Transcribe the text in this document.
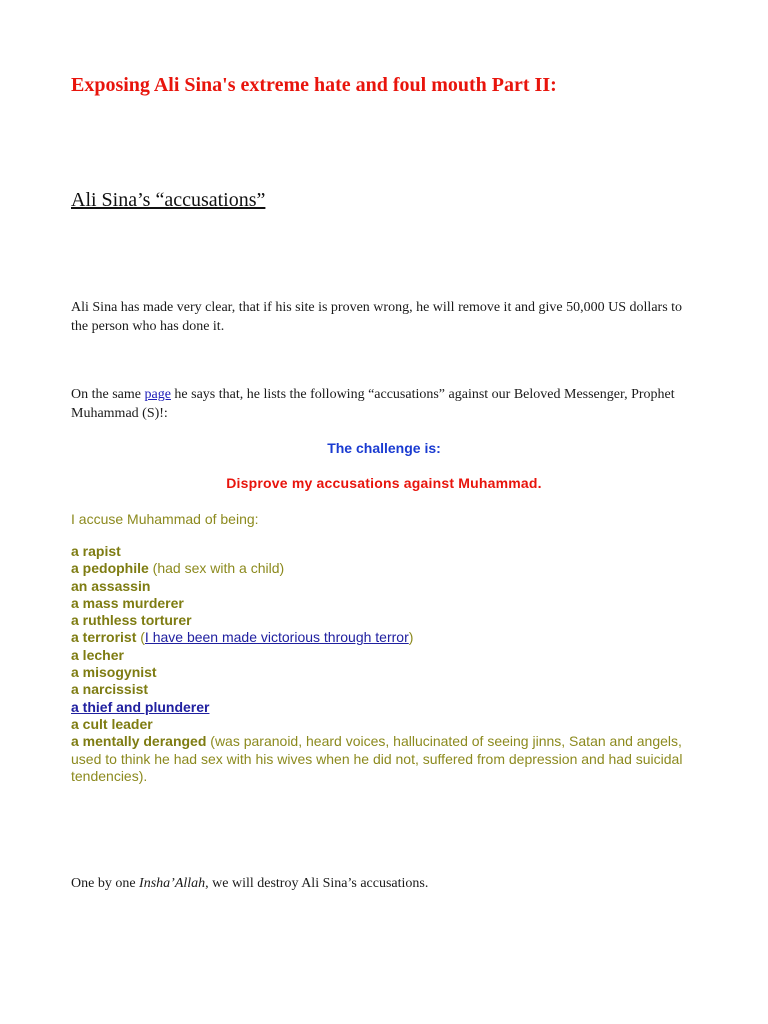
Exposing Ali Sina's extreme hate and foul mouth Part II:
Ali Sina’s “accusations”

Ali Sina has made very clear, that if his site is proven wrong, he will remove it and give 50,000 US dollars to the person who has done it.

On the same page he says that, he lists the following “accusations” against our Beloved Messenger, Prophet Muhammad (S)!:

The challenge is:

Disprove my accusations against Muhammad.

I accuse Muhammad of being:

a rapist
a pedophile (had sex with a child)
an assassin
a mass murderer
a ruthless torturer
a terrorist (I have been made victorious through terror)
a lecher
a misogynist
a narcissist
a thief and plunderer
a cult leader
a mentally deranged (was paranoid, heard voices, hallucinated of seeing jinns, Satan and angels, used to think he had sex with his wives when he did not, suffered from depression and had suicidal tendencies).

One by one Insha’Allah, we will destroy Ali Sina’s accusations.
